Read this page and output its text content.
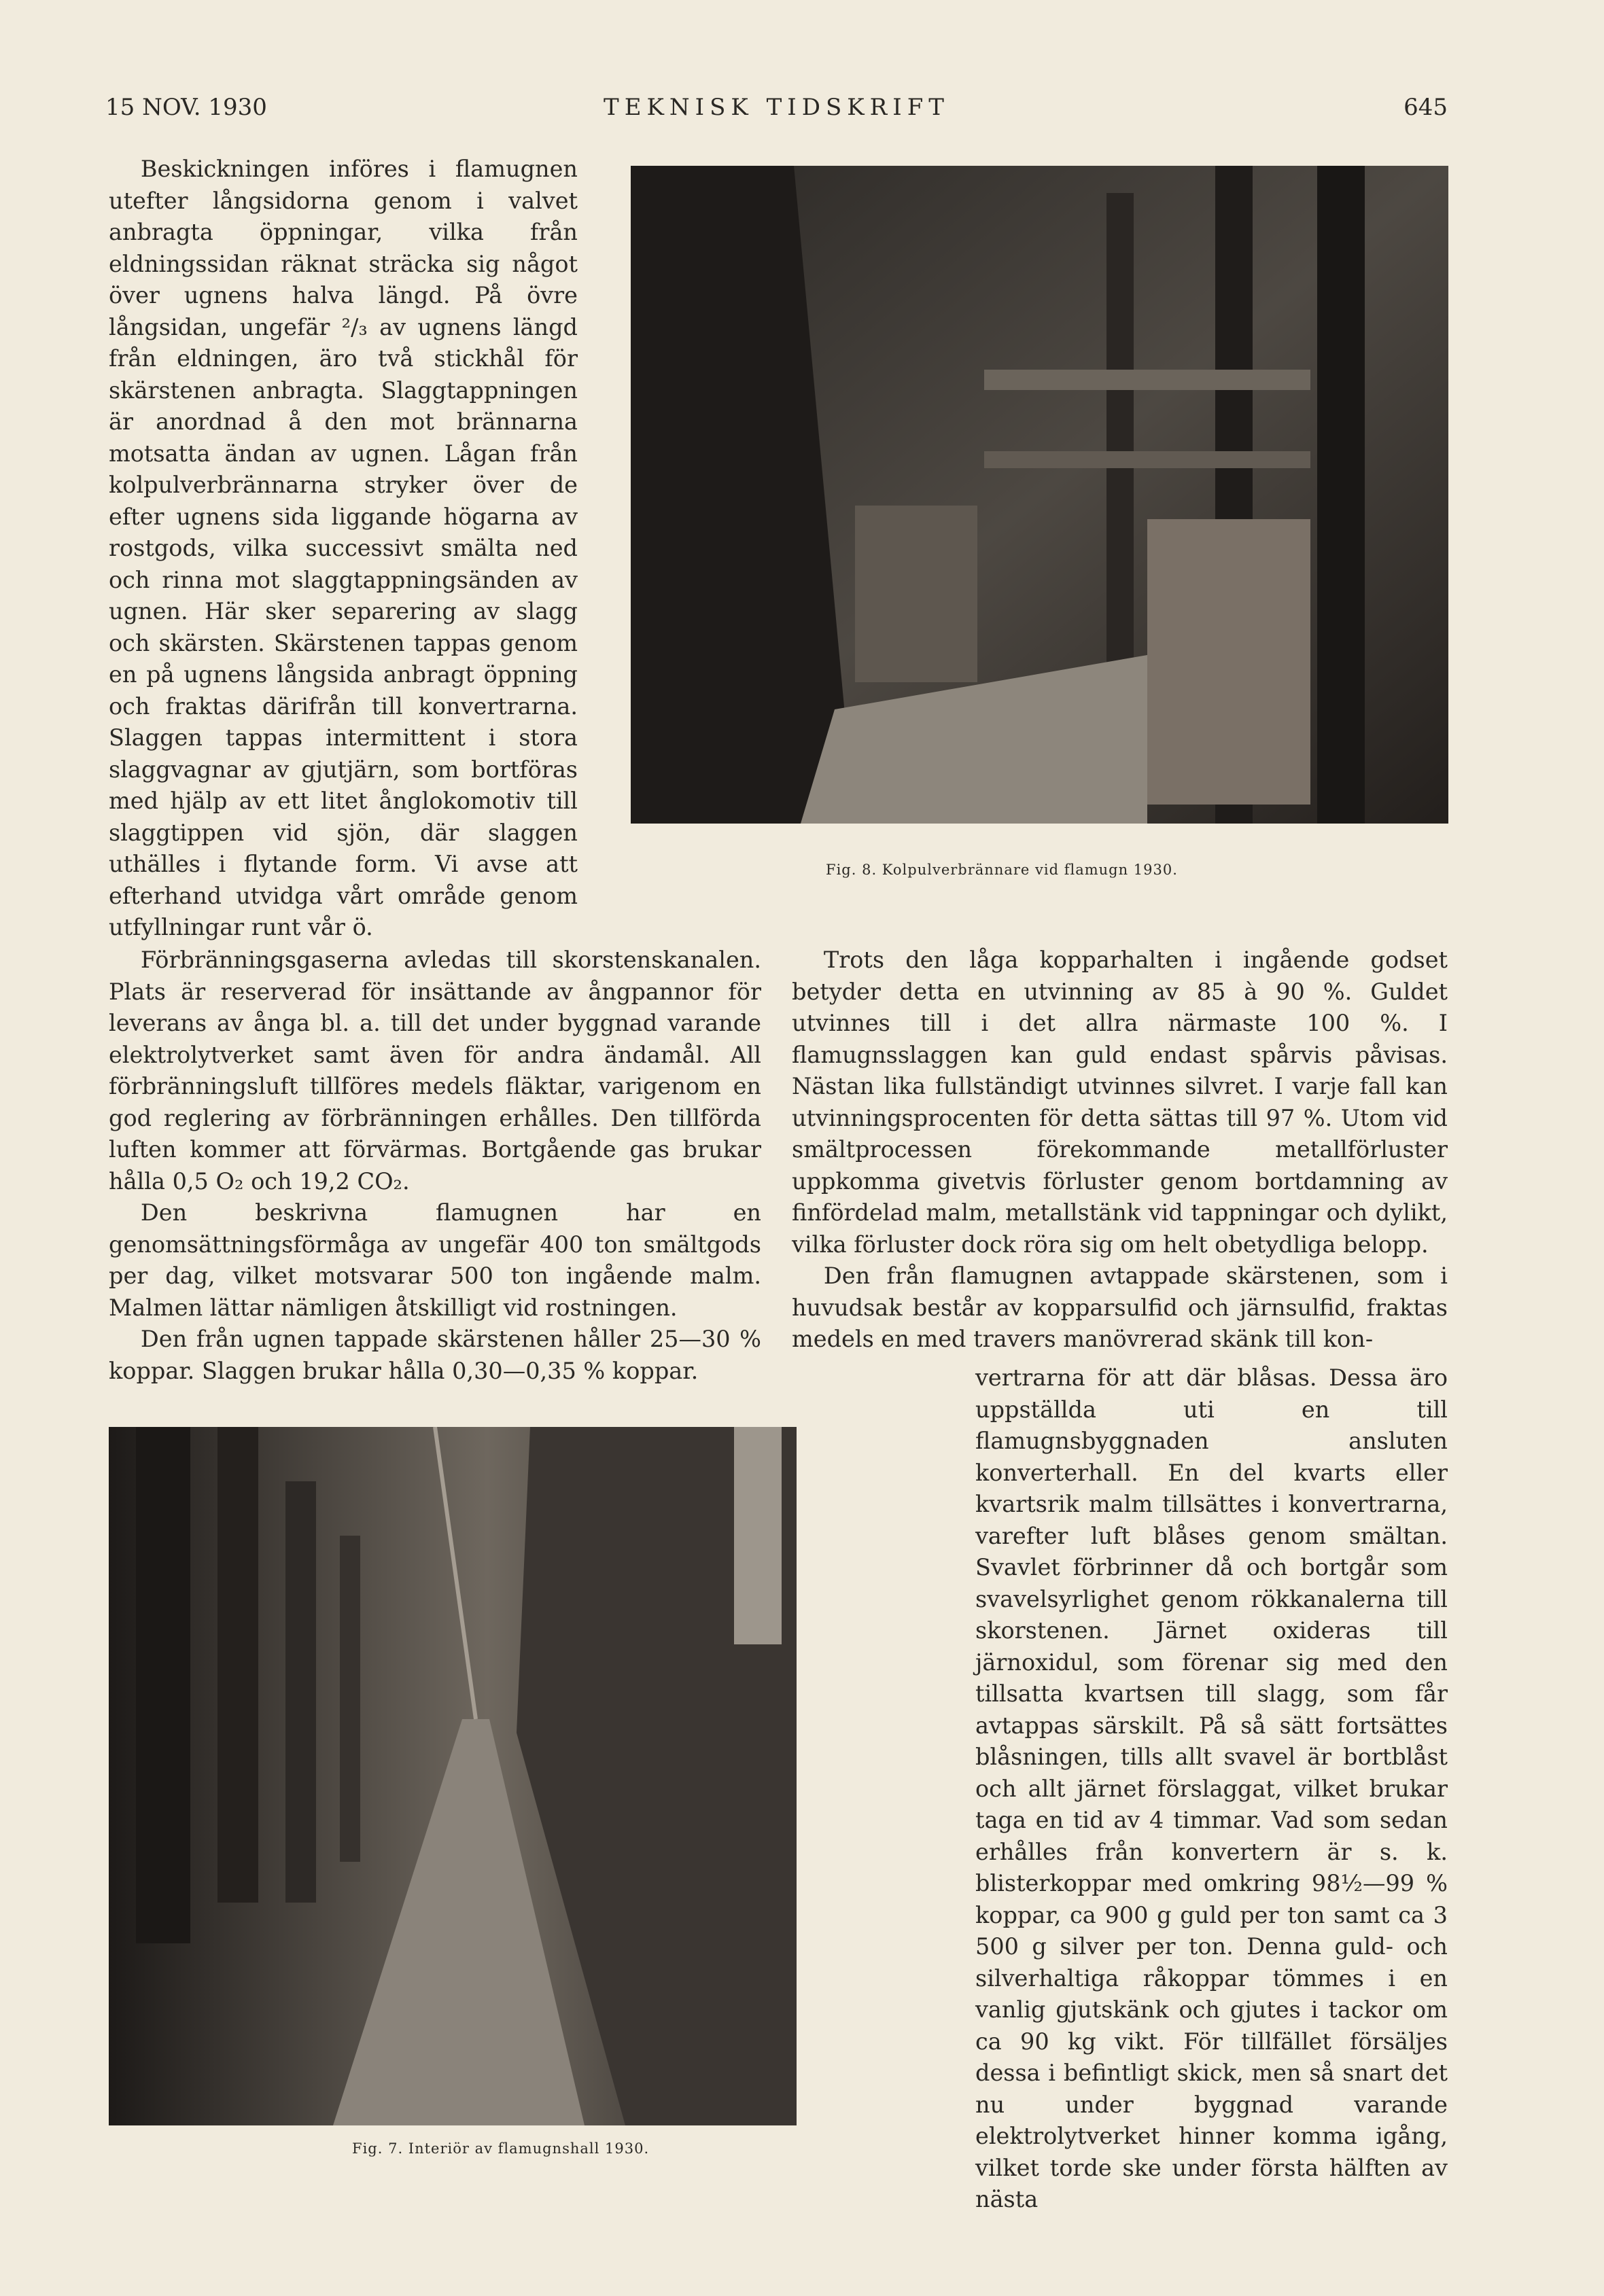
15 NOV. 1930	TEKNISK TIDSKRIFT	645

Beskickningen införes i flamugnen utefter långsidorna genom i valvet anbragta öppningar, vilka från eldningssidan räknat sträcka sig något över ugnens halva längd. På övre långsidan, ungefär ²/₃ av ugnens längd från eldningen, äro två stickhål för skärstenen anbragta. Slaggtappningen är anordnad å den mot brännarna motsatta ändan av ugnen. Lågan från kolpulverbrännarna stryker över de efter ugnens sida liggande högarna av rostgods, vilka successivt smälta ned och rinna mot slaggtappningsänden av ugnen. Här sker separering av slagg och skärsten. Skärstenen tappas genom en på ugnens långsida anbragt öppning och fraktas därifrån till konvertrarna. Slaggen tappas intermittent i stora slaggvagnar av gjutjärn, som bortföras med hjälp av ett litet ånglokomotiv till slaggtippen vid sjön, där slaggen uthälles i flytande form. Vi avse att efterhand utvidga vårt område genom utfyllningar runt vår ö.

Fig. 8. Kolpulverbrännare vid flamugn 1930.

Förbränningsgaserna avledas till skorstenskanalen. Plats är reserverad för insättande av ångpannor för leverans av ånga bl. a. till det under byggnad varande elektrolytverket samt även för andra ändamål. All förbränningsluft tillföres medels fläktar, varigenom en god reglering av förbränningen erhålles. Den tillförda luften kommer att förvärmas. Bortgående gas brukar hålla 0,5 O₂ och 19,2 CO₂.

Den beskrivna flamugnen har en genomsättningsförmåga av ungefär 400 ton smältgods per dag, vilket motsvarar 500 ton ingående malm. Malmen lättar nämligen åtskilligt vid rostningen.

Den från ugnen tappade skärstenen håller 25—30 % koppar. Slaggen brukar hålla 0,30—0,35 % koppar.

Trots den låga kopparhalten i ingående godset betyder detta en utvinning av 85 à 90 %. Guldet utvinnes till i det allra närmaste 100 %. I flamugnsslaggen kan guld endast spårvis påvisas. Nästan lika fullständigt utvinnes silvret. I varje fall kan utvinningsprocenten för detta sättas till 97 %. Utom vid smältprocessen förekommande metallförluster uppkomma givetvis förluster genom bortdamning av finfördelad malm, metallstänk vid tappningar och dylikt, vilka förluster dock röra sig om helt obetydliga belopp.

Den från flamugnen avtappade skärstenen, som i huvudsak består av kopparsulfid och järnsulfid, fraktas medels en med travers manövrerad skänk till kon-

vertrarna för att där blåsas. Dessa äro uppställda uti en till flamugnsbyggnaden ansluten konverterhall. En del kvarts eller kvartsrik malm tillsättes i konvertrarna, varefter luft blåses genom smältan. Svavlet förbrinner då och bortgår som svavelsyrlighet genom rökkanalerna till skorstenen. Järnet oxideras till järnoxidul, som förenar sig med den tillsatta kvartsen till slagg, som får avtappas särskilt. På så sätt fortsättes blåsningen, tills allt svavel är bortblåst och allt järnet förslaggat, vilket brukar taga en tid av 4 timmar. Vad som sedan erhålles från konvertern är s. k. blisterkoppar med omkring 98½—99 % koppar, ca 900 g guld per ton samt ca 3 500 g silver per ton. Denna guld- och silverhaltiga råkoppar tömmes i en vanlig gjutskänk och gjutes i tackor om ca 90 kg vikt. För tillfället försäljes dessa i befintligt skick, men så snart det nu under byggnad varande elektrolytverket hinner komma igång, vilket torde ske under första hälften av nästa

Fig. 7. Interiör av flamugnshall 1930.
